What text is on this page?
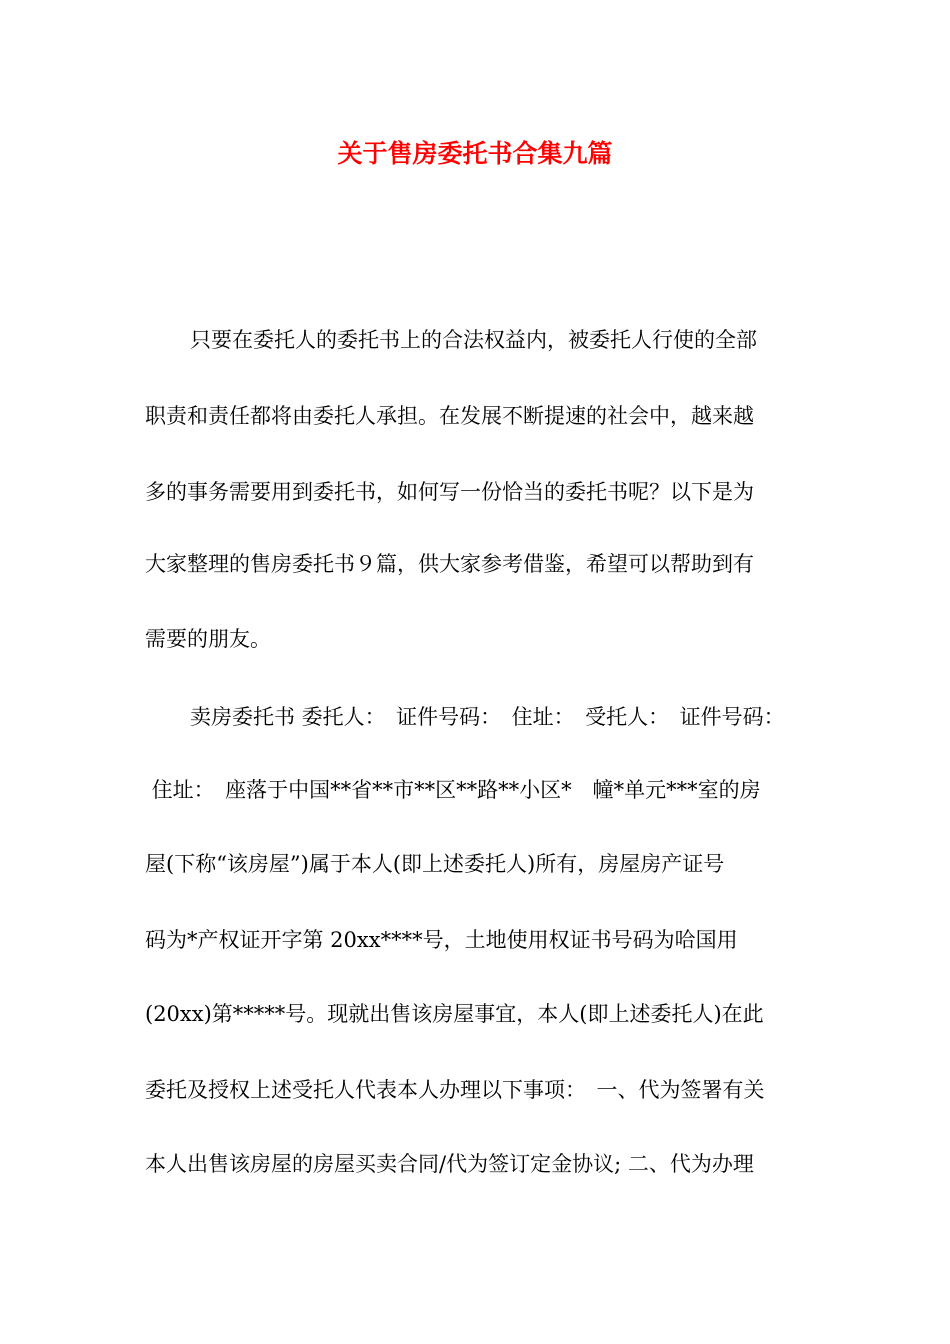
关于售房委托书合集九篇

只要在委托人的委托书上的合法权益内，被委托人行使的全部

职责和责任都将由委托人承担。在发展不断提速的社会中，越来越

多的事务需要用到委托书，如何写一份恰当的委托书呢？以下是为

大家整理的售房委托书９篇，供大家参考借鉴，希望可以帮助到有

需要的朋友。

卖房委托书 委托人：　证件号码：　住址：　受托人：　证件号码：

住址：　座落于中国**省**市**区**路**小区*　幢*单元***室的房

屋(下称“该房屋”)属于本人(即上述委托人)所有，房屋房产证号

码为*产权证开字第 20xx****号，土地使用权证书号码为哈国用

(20xx)第*****号。现就出售该房屋事宜，本人(即上述委托人)在此

委托及授权上述受托人代表本人办理以下事项：　一、代为签署有关

本人出售该房屋的房屋买卖合同/代为签订定金协议; 二、代为办理
